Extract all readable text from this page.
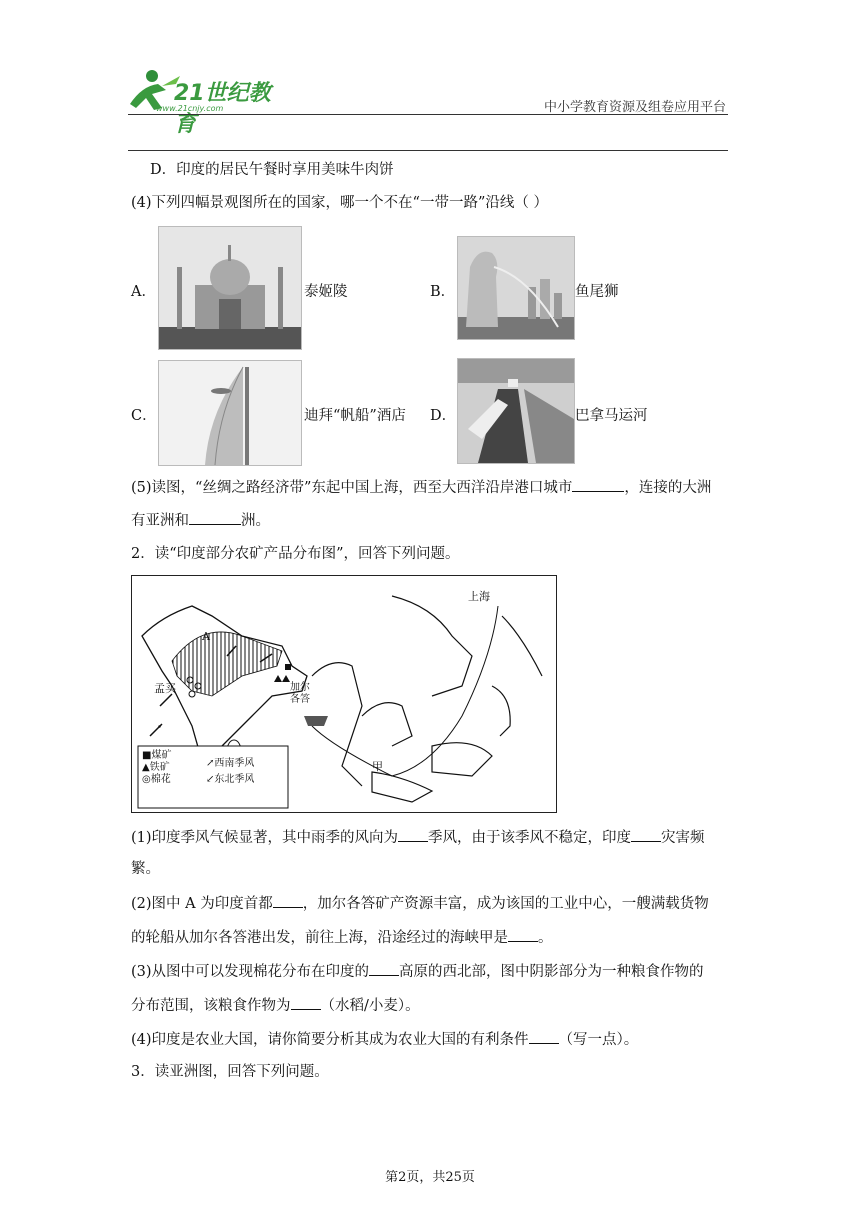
21世纪教育
www.21cnjy.com	中小学教育资源及组卷应用平台
D．印度的居民午餐时享用美味牛肉饼
(4)下列四幅景观图所在的国家，哪一个不在“一带一路”沿线（ ）
A．	泰姬陵	B．	鱼尾狮
C．	迪拜“帆船”酒店 D．	巴拿马运河
(5)读图，“丝绸之路经济带”东起中国上海，西至大西洋沿岸港口城市	，连接的大洲
有亚洲和	洲。
2．读“印度部分农矿产品分布图”，回答下列问题。
A
上海
孟买	加尔
各答
甲
■煤矿
▲铁矿
◎棉花
↗西南季风
↙东北季风
(1)印度季风气候显著，其中雨季的风向为 季风，由于该季风不稳定，印度 灾害频
繁。
(2)图中 A 为印度首都 ，加尔各答矿产资源丰富，成为该国的工业中心，一艘满载货物
的轮船从加尔各答港出发，前往上海，沿途经过的海峡甲是 。
(3)从图中可以发现棉花分布在印度的 高原的西北部，图中阴影部分为一种粮食作物的
分布范围，该粮食作物为 （水稻/小麦）。
(4)印度是农业大国，请你简要分析其成为农业大国的有利条件 （写一点）。
3．读亚洲图，回答下列问题。
第2页，共25页
